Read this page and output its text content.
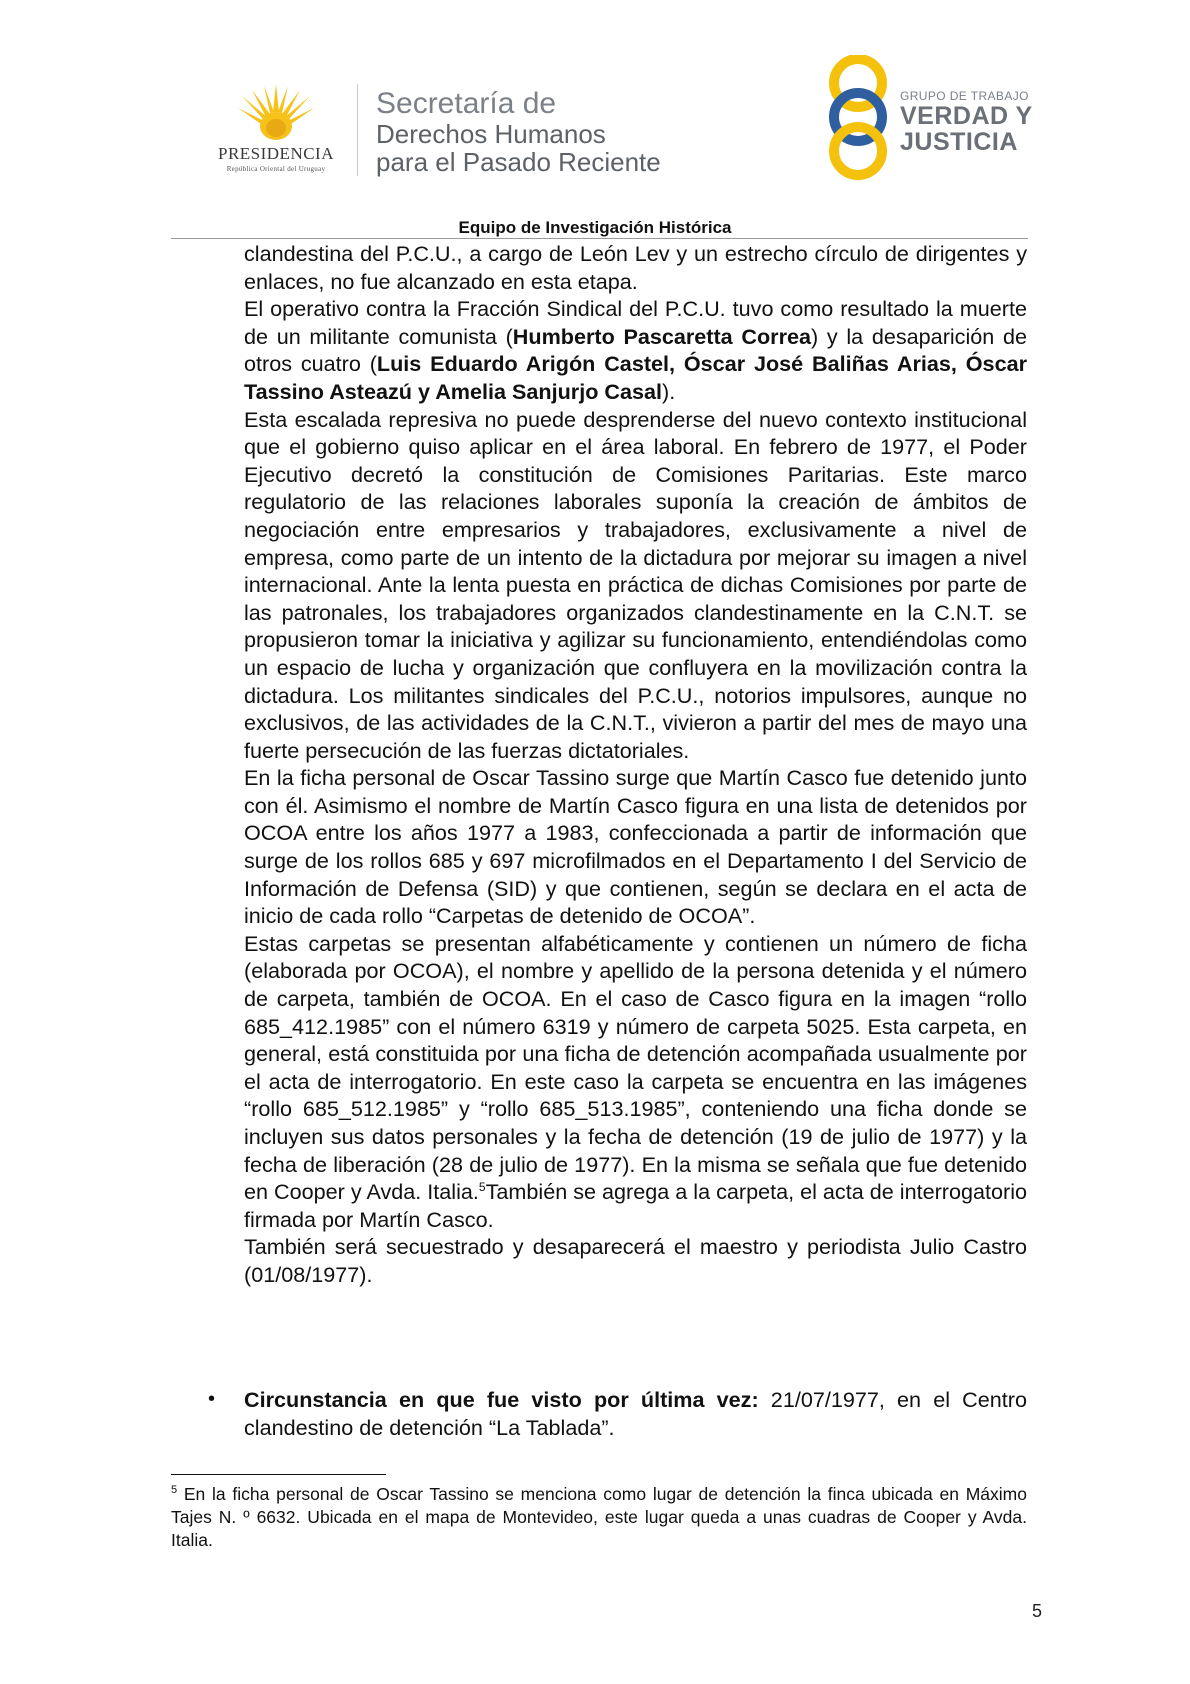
PRESIDENCIA
República Oriental del Uruguay
Secretaría de
Derechos Humanos
para el Pasado Reciente
GRUPO DE TRABAJO
VERDAD Y
JUSTICIA
Equipo de Investigación Histórica

clandestina del P.C.U., a cargo de León Lev y un estrecho círculo de dirigentes y enlaces, no fue alcanzado en esta etapa.

El operativo contra la Fracción Sindical del P.C.U. tuvo como resultado la muerte de un militante comunista (Humberto Pascaretta Correa) y la desaparición de otros cuatro (Luis Eduardo Arigón Castel, Óscar José Baliñas Arias, Óscar Tassino Asteazú y Amelia Sanjurjo Casal).

Esta escalada represiva no puede desprenderse del nuevo contexto institucional que el gobierno quiso aplicar en el área laboral. En febrero de 1977, el Poder Ejecutivo decretó la constitución de Comisiones Paritarias. Este marco regulatorio de las relaciones laborales suponía la creación de ámbitos de negociación entre empresarios y trabajadores, exclusivamente a nivel de empresa, como parte de un intento de la dictadura por mejorar su imagen a nivel internacional. Ante la lenta puesta en práctica de dichas Comisiones por parte de las patronales, los trabajadores organizados clandestinamente en la C.N.T. se propusieron tomar la iniciativa y agilizar su funcionamiento, entendiéndolas como un espacio de lucha y organización que confluyera en la movilización contra la dictadura. Los militantes sindicales del P.C.U., notorios impulsores, aunque no exclusivos, de las actividades de la C.N.T., vivieron a partir del mes de mayo una fuerte persecución de las fuerzas dictatoriales.

En la ficha personal de Oscar Tassino surge que Martín Casco fue detenido junto con él. Asimismo el nombre de Martín Casco figura en una lista de detenidos por OCOA entre los años 1977 a 1983, confeccionada a partir de información que surge de los rollos 685 y 697 microfilmados en el Departamento I del Servicio de Información de Defensa (SID) y que contienen, según se declara en el acta de inicio de cada rollo “Carpetas de detenido de OCOA”.

Estas carpetas se presentan alfabéticamente y contienen un número de ficha (elaborada por OCOA), el nombre y apellido de la persona detenida y el número de carpeta, también de OCOA. En el caso de Casco figura en la imagen “rollo 685_412.1985” con el número 6319 y número de carpeta 5025. Esta carpeta, en general, está constituida por una ficha de detención acompañada usualmente por el acta de interrogatorio. En este caso la carpeta se encuentra en las imágenes “rollo 685_512.1985” y “rollo 685_513.1985”, conteniendo una ficha donde se incluyen sus datos personales y la fecha de detención (19 de julio de 1977) y la fecha de liberación (28 de julio de 1977). En la misma se señala que fue detenido en Cooper y Avda. Italia.$^5$También se agrega a la carpeta, el acta de interrogatorio firmada por Martín Casco.

También será secuestrado y desaparecerá el maestro y periodista Julio Castro (01/08/1977).

• Circunstancia en que fue visto por última vez: 21/07/1977, en el Centro clandestino de detención “La Tablada”.
$^5$ En la ficha personal de Oscar Tassino se menciona como lugar de detención la finca ubicada en Máximo Tajes N. º 6632. Ubicada en el mapa de Montevideo, este lugar queda a unas cuadras de Cooper y Avda. Italia.
5
